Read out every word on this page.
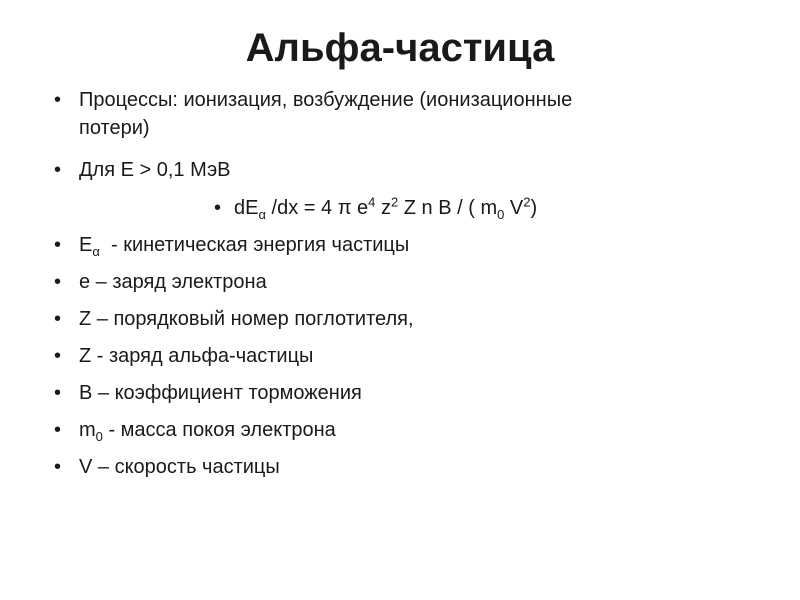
Альфа-частица
• Процессы: ионизация, возбуждение (ионизационные
потери)
• Для E > 0,1 МэВ
• $dE_\alpha$ /dx = 4 π $e^4$ $z^2$ Z n B / ( $m_0$ $V^2$)
• $E_\alpha$  - кинетическая энергия частицы
• e – заряд электрона
• Z – порядковый номер поглотителя,
• Z - заряд альфа-частицы
• B – коэффициент торможения
• $m_0$ - масса покоя электрона
• V – скорость частицы
